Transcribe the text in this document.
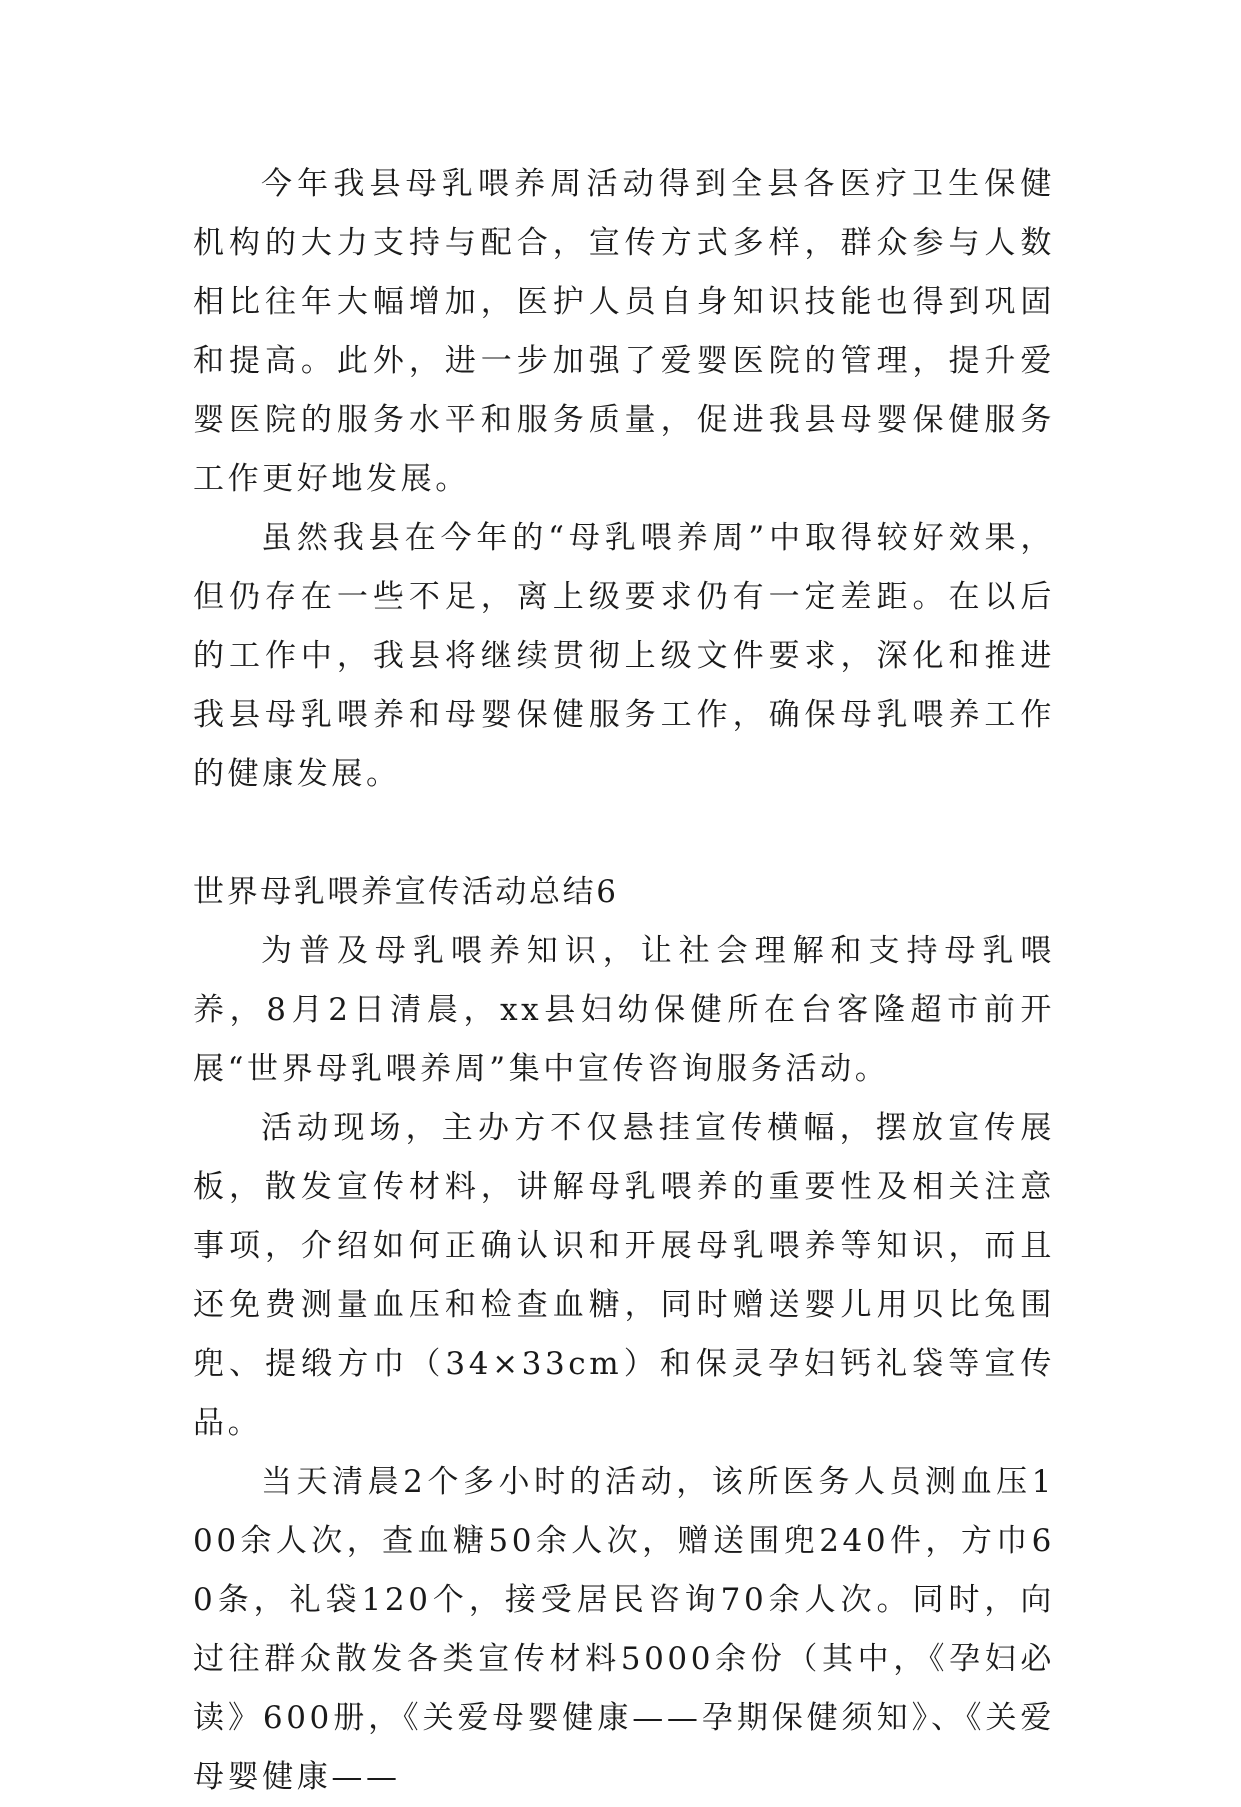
今年我县母乳喂养周活动得到全县各医疗卫生保健机构的大力支持与配合，宣传方式多样，群众参与人数相比往年大幅增加，医护人员自身知识技能也得到巩固和提高。此外，进一步加强了爱婴医院的管理，提升爱婴医院的服务水平和服务质量，促进我县母婴保健服务工作更好地发展。

虽然我县在今年的“母乳喂养周”中取得较好效果，但仍存在一些不足，离上级要求仍有一定差距。在以后的工作中，我县将继续贯彻上级文件要求，深化和推进我县母乳喂养和母婴保健服务工作，确保母乳喂养工作的健康发展。

世界母乳喂养宣传活动总结6

为普及母乳喂养知识，让社会理解和支持母乳喂养，8月2日清晨，xx县妇幼保健所在台客隆超市前开展“世界母乳喂养周”集中宣传咨询服务活动。

活动现场，主办方不仅悬挂宣传横幅，摆放宣传展板，散发宣传材料，讲解母乳喂养的重要性及相关注意事项，介绍如何正确认识和开展母乳喂养等知识，而且还免费测量血压和检查血糖，同时赠送婴儿用贝比兔围兜、提缎方巾（34×33cm）和保灵孕妇钙礼袋等宣传品。

当天清晨2个多小时的活动，该所医务人员测血压100余人次，查血糖50余人次，赠送围兜240件，方巾60条，礼袋120个，接受居民咨询70余人次。同时，向过往群众散发各类宣传材料5000余份（其中，《孕妇必读》600册，《关爱母婴健康——孕期保健须知》、《关爱母婴健康——
